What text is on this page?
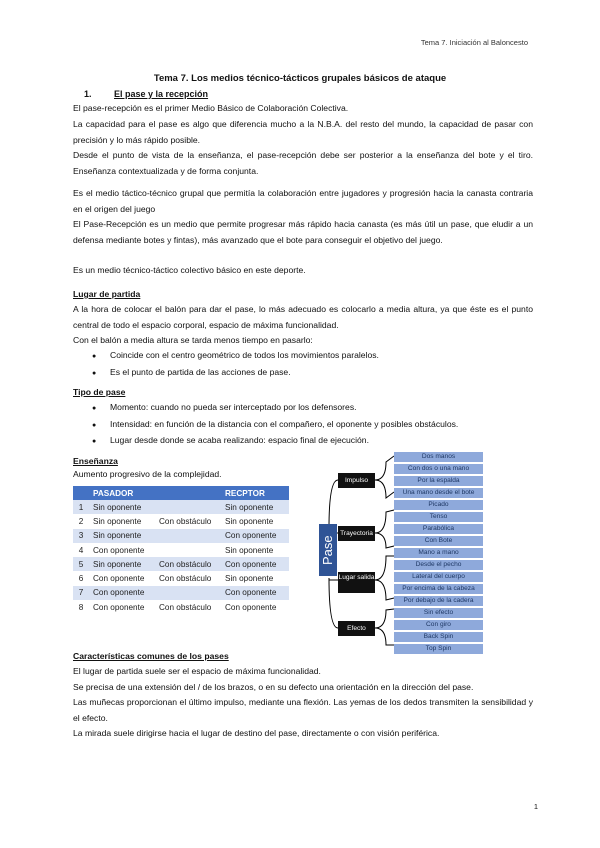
Tema 7. Iniciación al Baloncesto
Tema 7. Los medios técnico-tácticos grupales básicos de ataque
1. El pase y la recepción

El pase-recepción es el primer Medio Básico de Colaboración Colectiva.

La capacidad para el pase es algo que diferencia mucho a la N.B.A. del resto del mundo, la capacidad de pasar con precisión y lo más rápido posible.

Desde el punto de vista de la enseñanza, el pase-recepción debe ser posterior a la enseñanza del bote y el tiro. Enseñanza contextualizada y de forma conjunta.

Es el medio táctico-técnico grupal que permitía la colaboración entre jugadores y progresión hacia la canasta contraria en el origen del juego

El Pase-Recepción es un medio que permite progresar más rápido hacia canasta (es más útil un pase, que eludir a un defensa mediante botes y fintas), más avanzado que el bote para conseguir el objetivo del juego.

Es un medio técnico-táctico colectivo básico en este deporte.

Lugar de partida

A la hora de colocar el balón para dar el pase, lo más adecuado es colocarlo a media altura, ya que éste es el punto central de todo el espacio corporal, espacio de máxima funcionalidad.

Con el balón a media altura se tarda menos tiempo en pasarlo:

● Coincide con el centro geométrico de todos los movimientos paralelos.
● Es el punto de partida de las acciones de pase.
Tipo de pase
● Momento: cuando no pueda ser interceptado por los defensores.
● Intensidad: en función de la distancia con el compañero, el oponente y posibles obstáculos.
● Lugar desde donde se acaba realizando: espacio final de ejecución.
Enseñanza
Aumento progresivo de la complejidad.
	PASADOR		RECPTOR
1	Sin oponente		Sin oponente
2	Sin oponente	Con obstáculo	Sin oponente
3	Sin oponente		Con oponente
4	Con oponente		Sin oponente
5	Sin oponente	Con obstáculo	Con oponente
6	Con oponente	Con obstáculo	Sin oponente
7	Con oponente		Con oponente
8	Con oponente	Con obstáculo	Con oponente
Pase
Impulso
Trayectoria
Lugar salida
Efecto
Dos manos
Con dos o una mano
Por la espalda
Una mano desde el bote
Picado
Tenso
Parabólica
Con Bote
Mano a mano
Desde el pecho
Lateral del cuerpo
Por encima de la cabeza
Por debajo de la cadera
Sin efecto
Con giro
Back Spin
Top Spin
Características comunes de los pases

El lugar de partida suele ser el espacio de máxima funcionalidad.

Se precisa de una extensión del / de los brazos, o en su defecto una orientación en la dirección del pase.

Las muñecas proporcionan el último impulso, mediante una flexión. Las yemas de los dedos transmiten la sensibilidad y el efecto.

La mirada suele dirigirse hacia el lugar de destino del pase, directamente o con visión periférica.

1
